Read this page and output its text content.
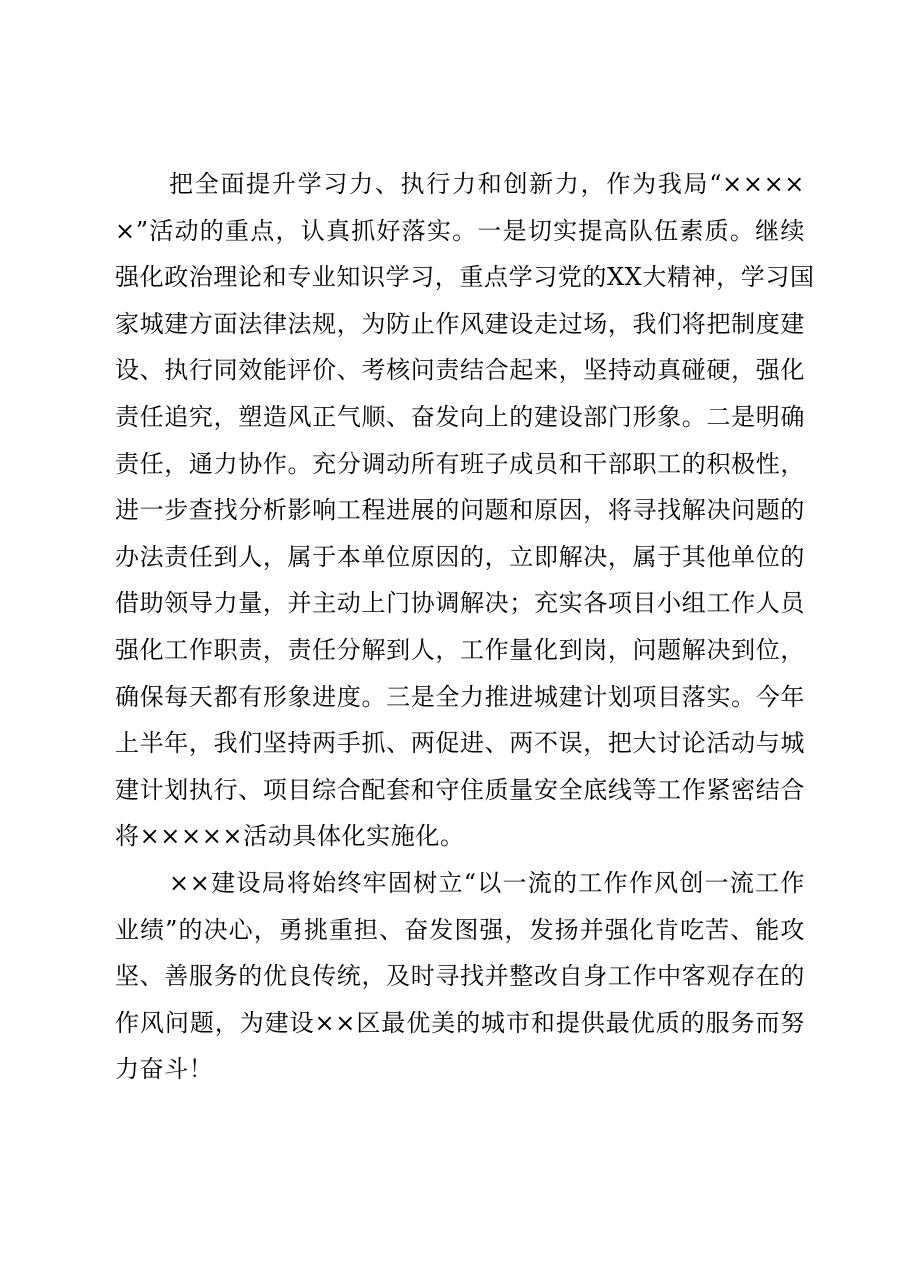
把全面提升学习力、执行力和创新力，作为我局“××××
×”活动的重点，认真抓好落实。一是切实提高队伍素质。继续
强化政治理论和专业知识学习，重点学习党的XX大精神，学习国
家城建方面法律法规，为防止作风建设走过场，我们将把制度建
设、执行同效能评价、考核问责结合起来，坚持动真碰硬，强化
责任追究，塑造风正气顺、奋发向上的建设部门形象。二是明确
责任，通力协作。充分调动所有班子成员和干部职工的积极性，
进一步查找分析影响工程进展的问题和原因，将寻找解决问题的
办法责任到人，属于本单位原因的，立即解决，属于其他单位的
借助领导力量，并主动上门协调解决；充实各项目小组工作人员
强化工作职责，责任分解到人，工作量化到岗，问题解决到位，
确保每天都有形象进度。三是全力推进城建计划项目落实。今年
上半年，我们坚持两手抓、两促进、两不误，把大讨论活动与城
建计划执行、项目综合配套和守住质量安全底线等工作紧密结合
将×××××活动具体化实施化。
××建设局将始终牢固树立“以一流的工作作风创一流工作
业绩”的决心，勇挑重担、奋发图强，发扬并强化肯吃苦、能攻
坚、善服务的优良传统，及时寻找并整改自身工作中客观存在的
作风问题，为建设××区最优美的城市和提供最优质的服务而努
力奋斗！
